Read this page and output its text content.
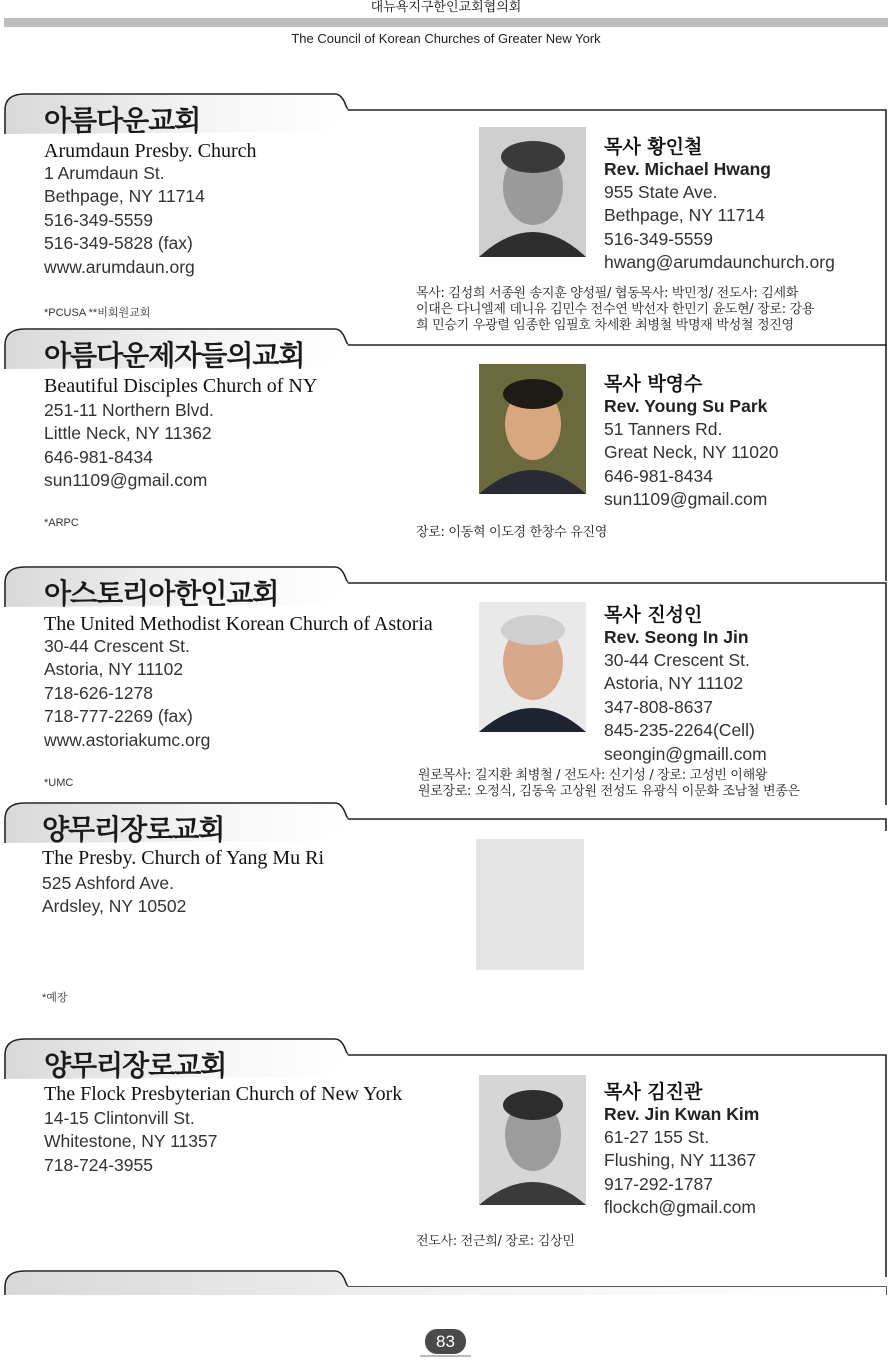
대뉴욕지구한인교회협의회
The Council of Korean Churches of Greater New York
아름다운교회
Arumdaun Presby. Church
1 Arumdaun St.
Bethpage, NY 11714
516-349-5559
516-349-5828 (fax)
www.arumdaun.org
*PCUSA **비회원교회
목사 황인철
Rev. Michael Hwang
955 State Ave.
Bethpage, NY 11714
516-349-5559
hwang@arumdaunchurch.org
목사: 김성희 서종원 송지훈 양성필/ 협동목사: 박민정/ 전도사: 김세화
이대은 다니엘제 데니유 김민수 전수연 박선자 한민기 윤도현/ 장로: 강용
희 민승기 우광렬 임종한 임필호 차세환 최병철 박명재 박성철 정진영
아름다운제자들의교회
Beautiful Disciples Church of NY
251-11 Northern Blvd.
Little Neck, NY 11362
646-981-8434
sun1109@gmail.com
*ARPC
목사 박영수
Rev. Young Su Park
51 Tanners Rd.
Great Neck, NY 11020
646-981-8434
sun1109@gmail.com
장로: 이동혁 이도경 한창수 유진영
아스토리아한인교회
The United Methodist Korean Church of Astoria
30-44 Crescent St.
Astoria, NY 11102
718-626-1278
718-777-2269 (fax)
www.astoriakumc.org
*UMC
목사 진성인
Rev. Seong In Jin
30-44 Crescent St.
Astoria, NY 11102
347-808-8637
845-235-2264(Cell)
seongin@gmaill.com
원로목사: 길지환 최병철 / 전도사: 신기성 / 장로: 고성빈 이해왕
원로장로: 오정식, 김동욱 고상원 전성도 유광식 이문화 조남철 변종은
양무리장로교회
The Presby. Church of Yang Mu Ri
525 Ashford Ave.
Ardsley, NY 10502
*예장
양무리장로교회
The Flock Presbyterian Church of New York
14-15 Clintonvill St.
Whitestone, NY 11357
718-724-3955
목사 김진관
Rev. Jin Kwan Kim
61-27 155 St.
Flushing, NY 11367
917-292-1787
flockch@gmail.com
전도사: 전근희/ 장로: 김상민
83
